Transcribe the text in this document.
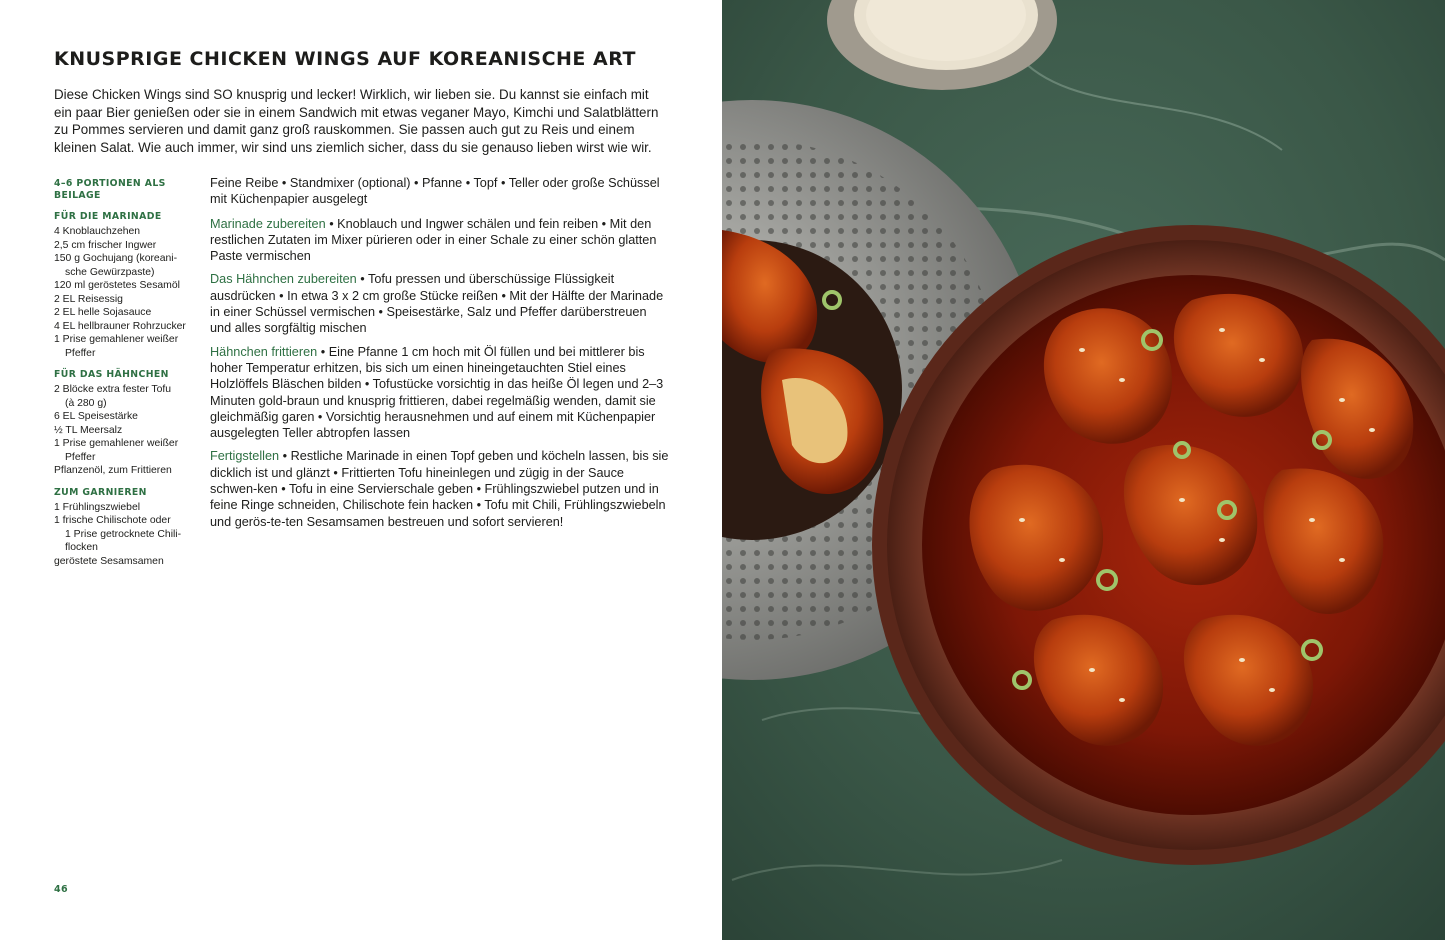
KNUSPRIGE CHICKEN WINGS AUF KOREANISCHE ART

Diese Chicken Wings sind SO knusprig und lecker! Wirklich, wir lieben sie. Du kannst sie einfach mit ein paar Bier genießen oder sie in einem Sandwich mit etwas veganer Mayo, Kimchi und Salatblättern zu Pommes servieren und damit ganz groß rauskommen. Sie passen auch gut zu Reis und einem kleinen Salat. Wie auch immer, wir sind uns ziemlich sicher, dass du sie genauso lieben wirst wie wir.

4–6 PORTIONEN ALS BEILAGE
FÜR DIE MARINADE
4 Knoblauchzehen
2,5 cm frischer Ingwer
150 g Gochujang (koreani-
sche Gewürzpaste)
120 ml geröstetes Sesamöl
2 EL Reisessig
2 EL helle Sojasauce
4 EL hellbrauner Rohrzucker
1 Prise gemahlener weißer
Pfeffer
FÜR DAS HÄHNCHEN
2 Blöcke extra fester Tofu
(à 280 g)
6 EL Speisestärke
½ TL Meersalz
1 Prise gemahlener weißer
Pfeffer
Pflanzenöl, zum Frittieren
ZUM GARNIEREN
1 Frühlingszwiebel
1 frische Chilischote oder
1 Prise getrocknete Chili-
flocken
geröstete Sesamsamen

Feine Reibe • Standmixer (optional) • Pfanne • Topf • Teller oder große Schüssel mit Küchenpapier ausgelegt

Marinade zubereiten • Knoblauch und Ingwer schälen und fein reiben • Mit den restlichen Zutaten im Mixer pürieren oder in einer Schale zu einer schön glatten Paste vermischen

Das Hähnchen zubereiten • Tofu pressen und überschüssige Flüssigkeit ausdrücken • In etwa 3 x 2 cm große Stücke reißen • Mit der Hälfte der Marinade in einer Schüssel vermischen • Speisestärke, Salz und Pfeffer darüberstreuen und alles sorgfältig mischen

Hähnchen frittieren • Eine Pfanne 1 cm hoch mit Öl füllen und bei mittlerer bis hoher Temperatur erhitzen, bis sich um einen hineingetauchten Stiel eines Holzlöffels Bläschen bilden • Tofustücke vorsichtig in das heiße Öl legen und 2–3 Minuten gold-braun und knusprig frittieren, dabei regelmäßig wenden, damit sie gleichmäßig garen • Vorsichtig herausnehmen und auf einem mit Küchenpapier ausgelegten Teller abtropfen lassen

Fertigstellen • Restliche Marinade in einen Topf geben und köcheln lassen, bis sie dicklich ist und glänzt • Frittierten Tofu hineinlegen und zügig in der Sauce schwen-ken • Tofu in eine Servierschale geben • Frühlingszwiebel putzen und in feine Ringe schneiden, Chilischote fein hacken • Tofu mit Chili, Frühlingszwiebeln und gerös-te-ten Sesamsamen bestreuen und sofort servieren!

46
